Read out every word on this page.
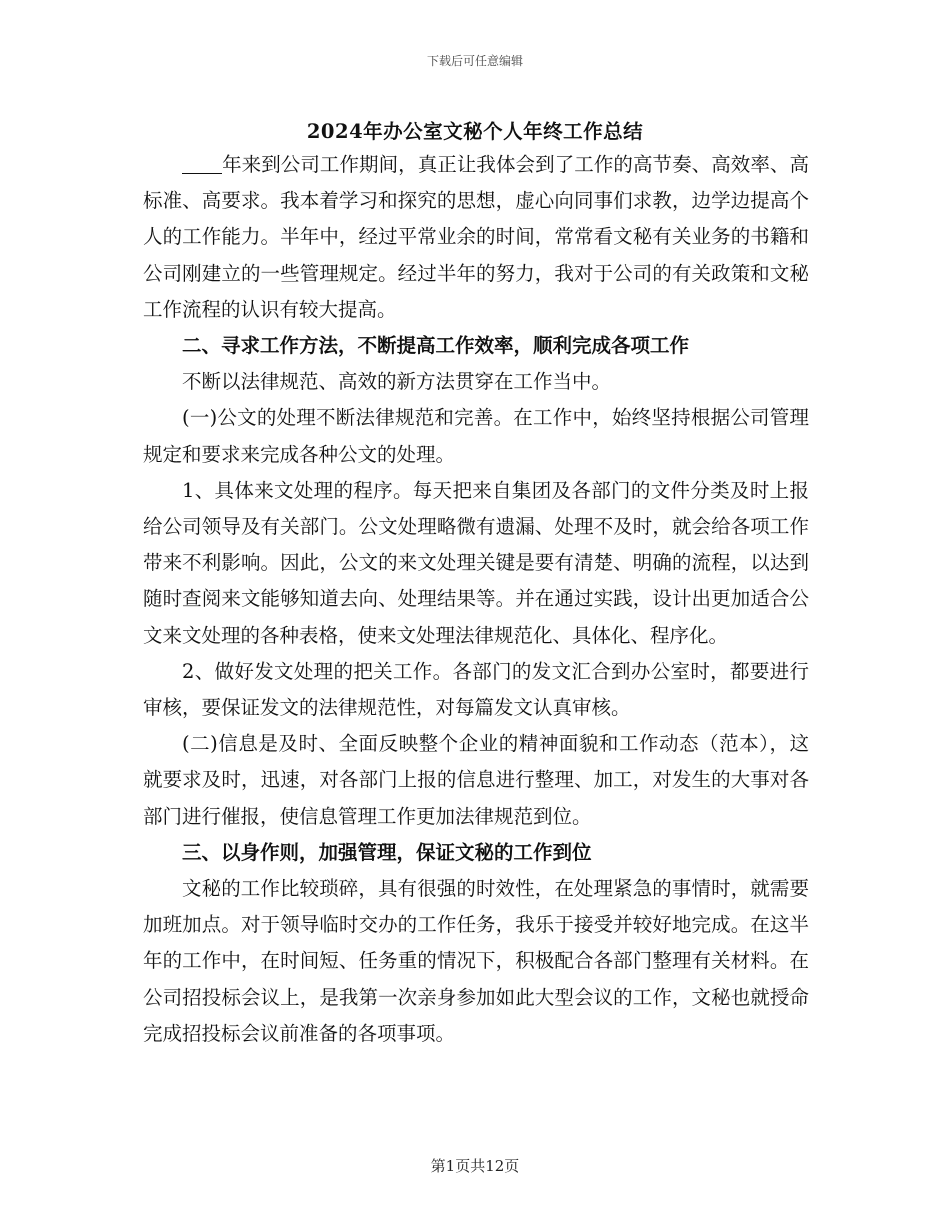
下载后可任意编辑
2024年办公室文秘个人年终工作总结

年来到公司工作期间，真正让我体会到了工作的高节奏、高效率、高标准、高要求。我本着学习和探究的思想，虚心向同事们求教，边学边提高个人的工作能力。半年中，经过平常业余的时间，常常看文秘有关业务的书籍和公司刚建立的一些管理规定。经过半年的努力，我对于公司的有关政策和文秘工作流程的认识有较大提高。

二、寻求工作方法，不断提高工作效率，顺利完成各项工作

不断以法律规范、高效的新方法贯穿在工作当中。

(一)公文的处理不断法律规范和完善。在工作中，始终坚持根据公司管理规定和要求来完成各种公文的处理。

1、具体来文处理的程序。每天把来自集团及各部门的文件分类及时上报给公司领导及有关部门。公文处理略微有遗漏、处理不及时，就会给各项工作带来不利影响。因此，公文的来文处理关键是要有清楚、明确的流程，以达到随时查阅来文能够知道去向、处理结果等。并在通过实践，设计出更加适合公文来文处理的各种表格，使来文处理法律规范化、具体化、程序化。

2、做好发文处理的把关工作。各部门的发文汇合到办公室时，都要进行审核，要保证发文的法律规范性，对每篇发文认真审核。

(二)信息是及时、全面反映整个企业的精神面貌和工作动态（范本），这就要求及时，迅速，对各部门上报的信息进行整理、加工，对发生的大事对各部门进行催报，使信息管理工作更加法律规范到位。

三、以身作则，加强管理，保证文秘的工作到位

文秘的工作比较琐碎，具有很强的时效性，在处理紧急的事情时，就需要加班加点。对于领导临时交办的工作任务，我乐于接受并较好地完成。在这半年的工作中，在时间短、任务重的情况下，积极配合各部门整理有关材料。在公司招投标会议上，是我第一次亲身参加如此大型会议的工作，文秘也就授命完成招投标会议前准备的各项事项。

第1页共12页
